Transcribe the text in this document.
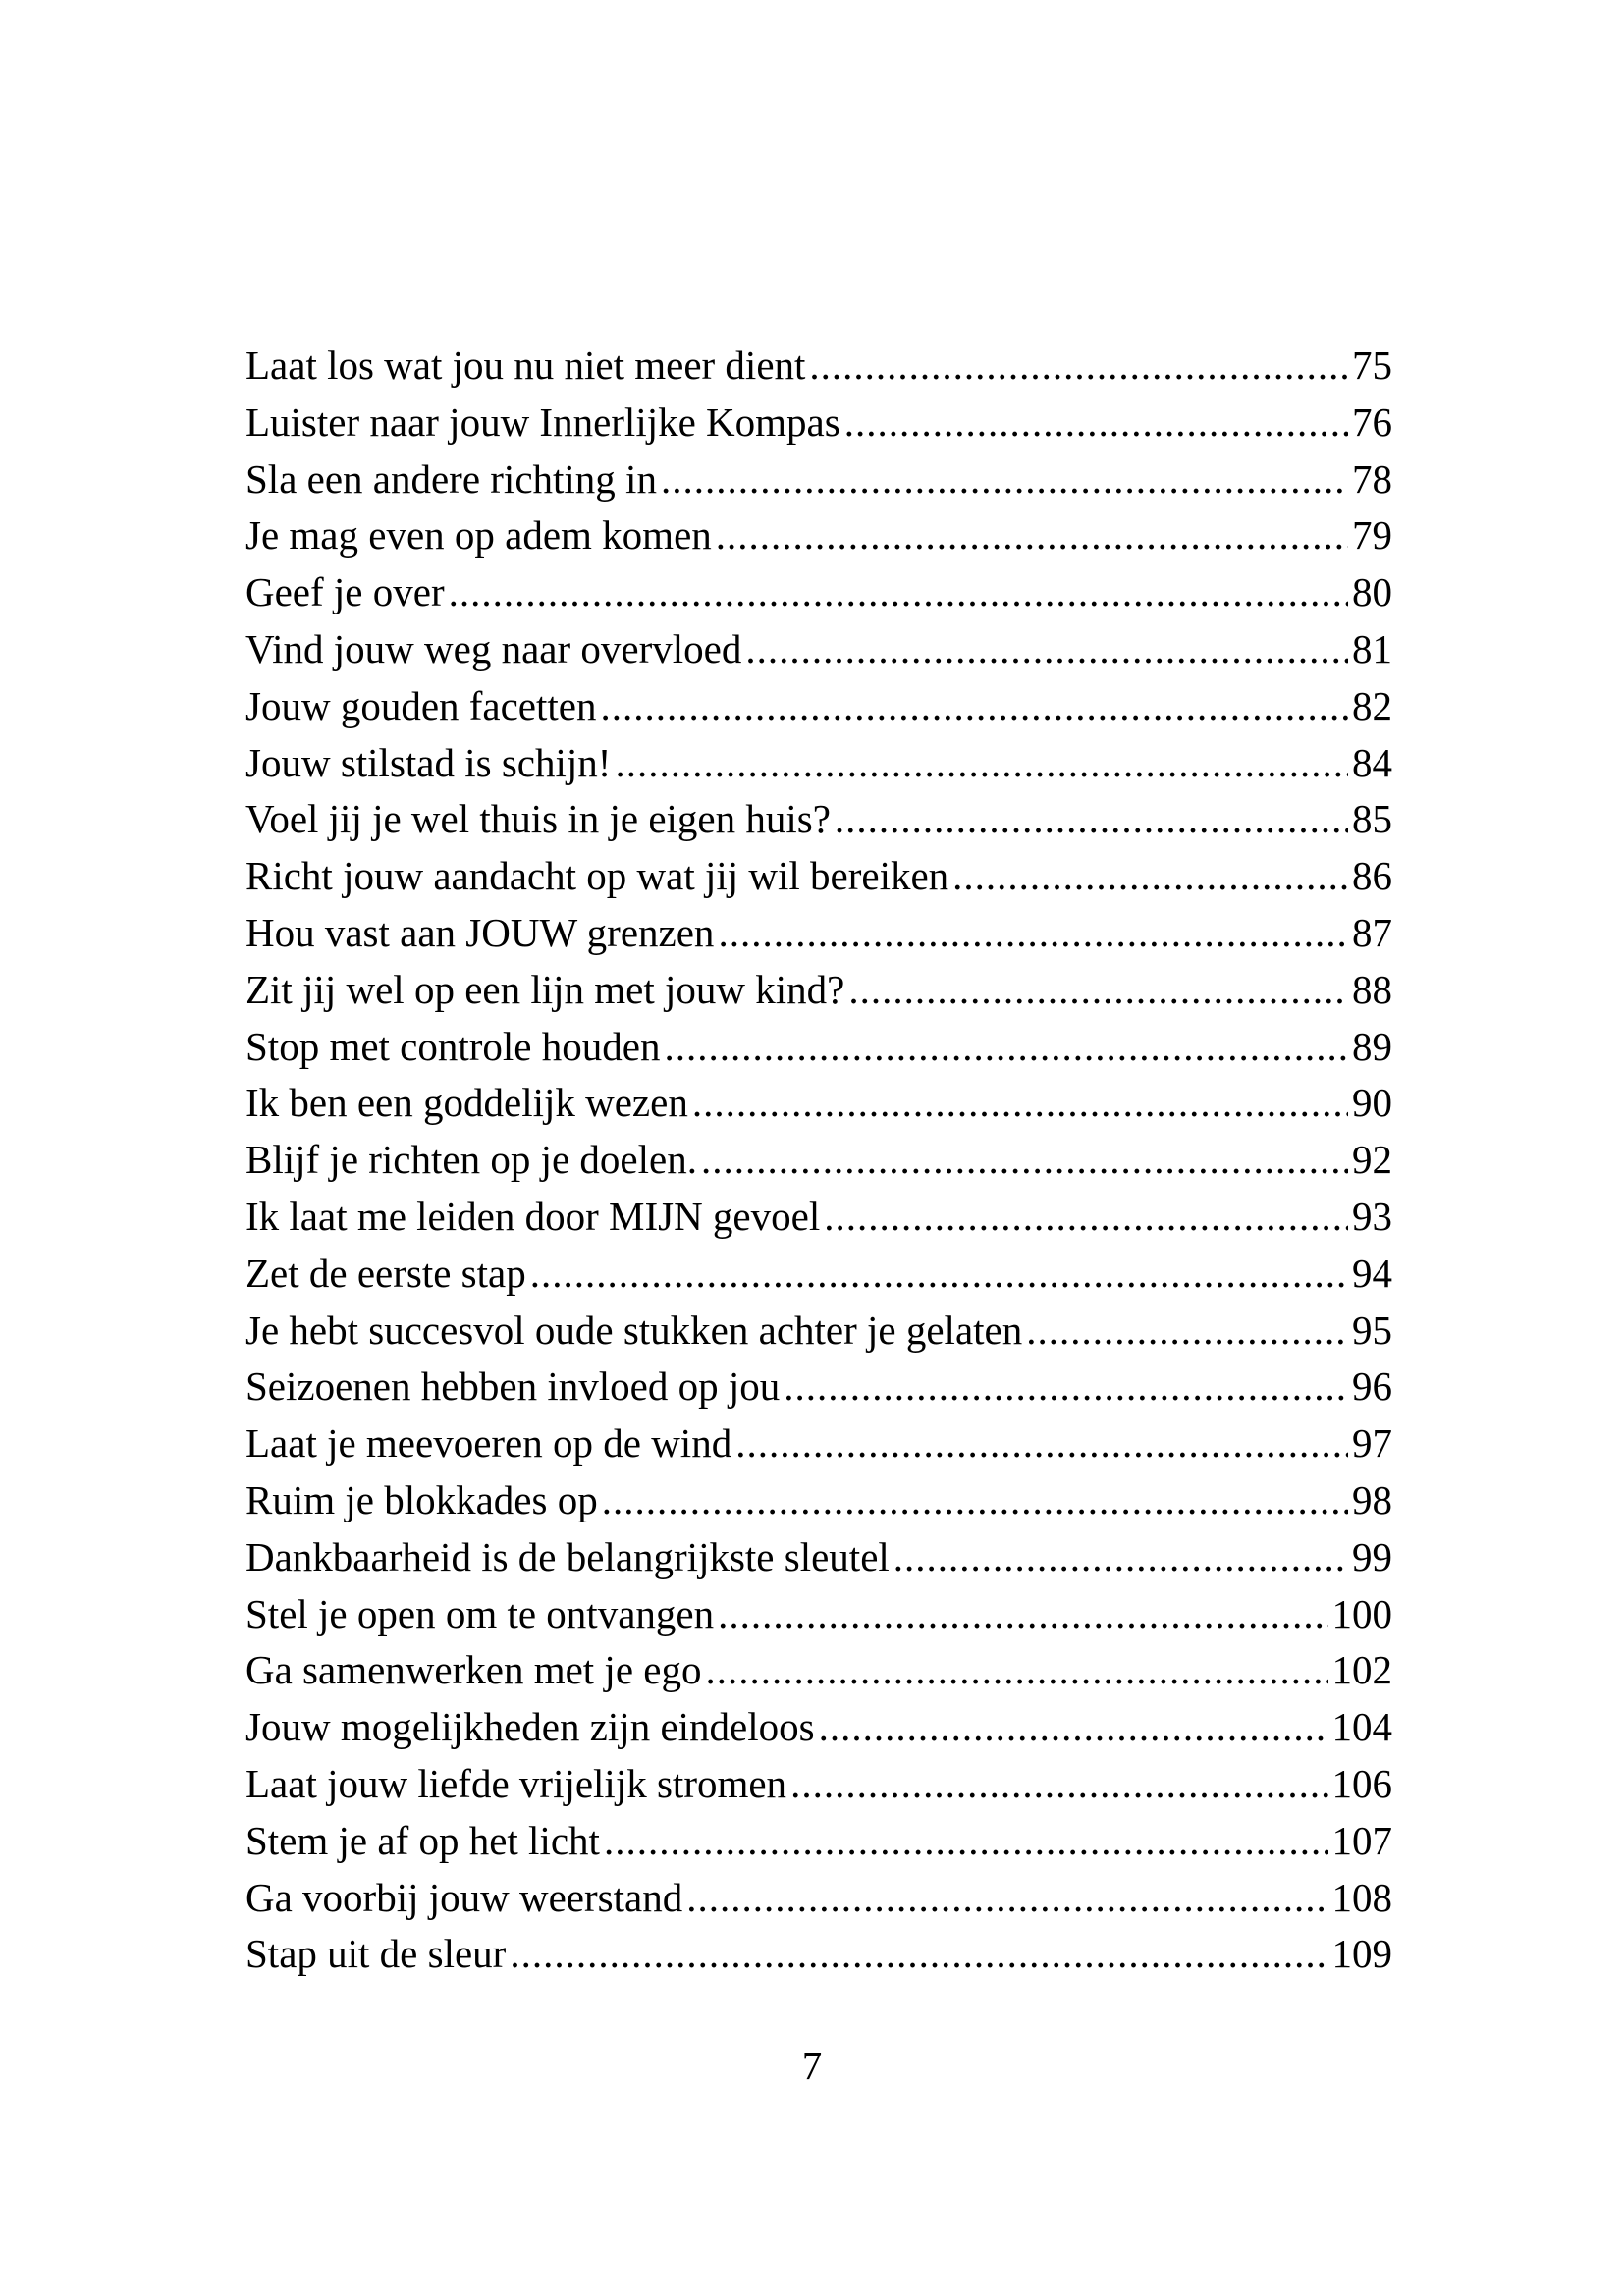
Laat los wat jou nu niet meer dient .....	75
Luister naar jouw Innerlijke Kompas .....	76
Sla een andere richting in .....	78
Je mag even op adem komen .....	79
Geef je over .....	80
Vind jouw weg naar overvloed .....	81
Jouw gouden facetten .....	82
Jouw stilstad is schijn! .....	84
Voel jij je wel thuis in je eigen huis? .....	85
Richt jouw aandacht op wat jij wil bereiken .....	86
Hou vast aan JOUW grenzen .....	87
Zit jij wel op een lijn met jouw kind? .....	88
Stop met controle houden .....	89
Ik ben een goddelijk wezen .....	90
Blijf je richten op je doelen. .....	92
Ik laat me leiden door MIJN gevoel .....	93
Zet de eerste stap .....	94
Je hebt succesvol oude stukken achter je gelaten .....	95
Seizoenen hebben invloed op jou .....	96
Laat je meevoeren op de wind .....	97
Ruim je blokkades op .....	98
Dankbaarheid is de belangrijkste sleutel .....	99
Stel je open om te ontvangen .....	100
Ga samenwerken met je ego .....	102
Jouw mogelijkheden zijn eindeloos .....	104
Laat jouw liefde vrijelijk stromen .....	106
Stem je af op het licht .....	107
Ga voorbij jouw weerstand .....	108
Stap uit de sleur .....	109
7
